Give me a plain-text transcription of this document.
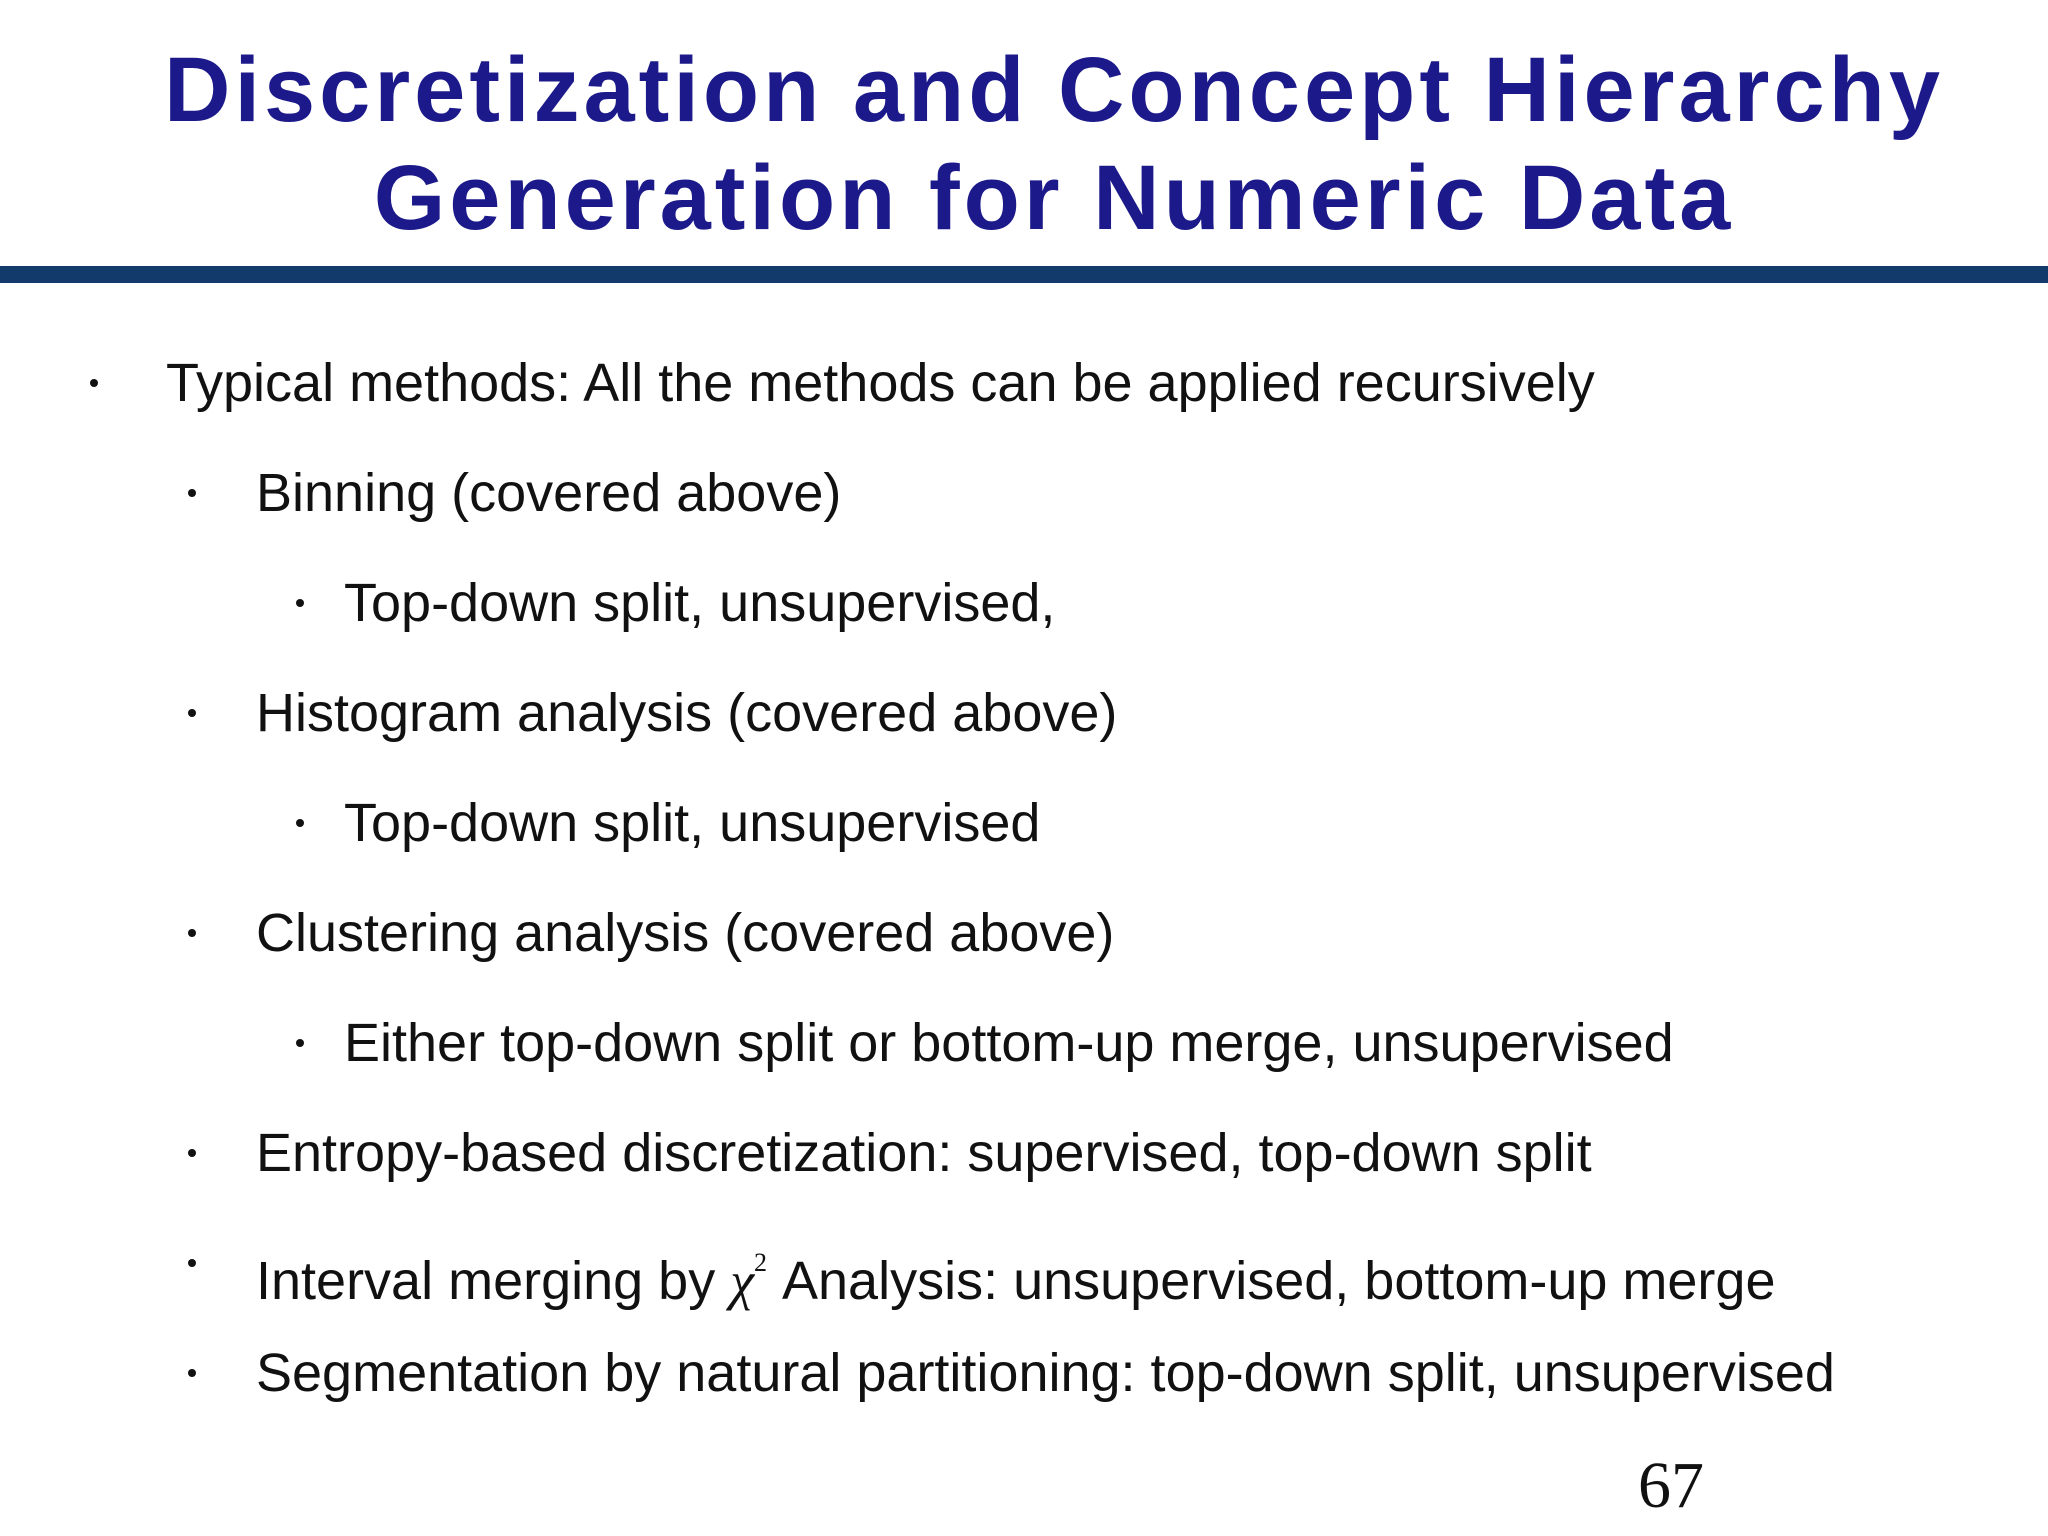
Discretization and Concept Hierarchy
Generation for Numeric Data
Typical methods: All the methods can be applied recursively
Binning (covered above)
Top-down split, unsupervised,
Histogram analysis (covered above)
Top-down split, unsupervised
Clustering analysis (covered above)
Either top-down split or bottom-up merge, unsupervised
Entropy-based discretization: supervised, top-down split
Interval merging by $\chi^2$ Analysis: unsupervised, bottom-up merge
Segmentation by natural partitioning: top-down split, unsupervised
67
